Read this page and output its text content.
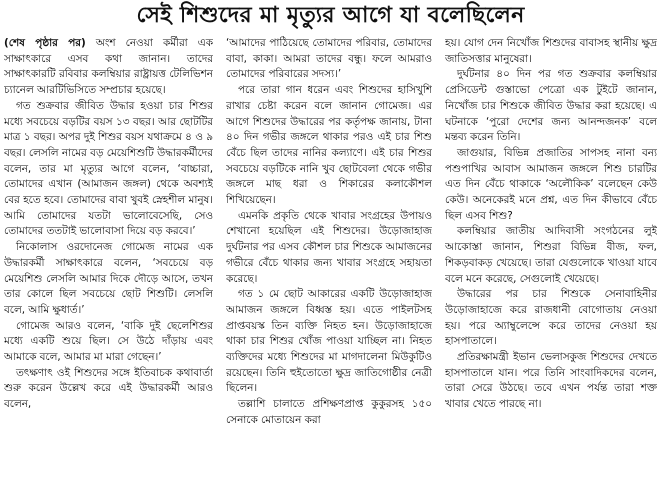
সেই শিশুদের মা মৃত্যুর আগে যা বলেছিলেন

(শেষ পৃষ্ঠার পর) অংশ নেওয়া কর্মীরা এক সাক্ষাৎকারে এসব কথা জানান। তাদের সাক্ষাৎকারটি রবিবার কলম্বিয়ার রাষ্ট্রায়ত্ত টেলিভিশন চ্যানেল আরটিভিসিতে সম্প্রচার হয়েছে।

গত শুক্রবার জীবিত উদ্ধার হওয়া চার শিশুর মধ্যে সবচেয়ে বড়টির বয়স ১৩ বছর। আর ছোটটির মাত্র ১ বছর। অপর দুই শিশুর বয়স যথাক্রমে ৪ ও ৯ বছর। লেসলি নামের বড় মেয়েশিশুটি উদ্ধারকর্মীদের বলেন, তার মা মৃত্যুর আগে বলেন, ‘বাচ্চারা, তোমাদের এখান (আমাজন জঙ্গল) থেকে অবশ্যই বের হতে হবে। তোমাদের বাবা খুবই স্নেহশীল মানুষ। আমি তোমাদের যতটা ভালোবেসেছি, সেও তোমাদের ততটাই ভালোবাসা দিয়ে বড় করবে।’

নিকোলাস ওরদোনেজ গোমেজ নামের এক উদ্ধারকর্মী সাক্ষাৎকারে বলেন, ‘সবচেয়ে বড় মেয়েশিশু লেসলি আমার দিকে দৌড়ে আসে, তখন তার কোলে ছিল সবচেয়ে ছোট শিশুটি। লেসলি বলে, আমি ক্ষুধার্ত।’

গোমেজ আরও বলেন, ‘বাকি দুই ছেলেশিশুর মধ্যে একটি শুয়ে ছিল। সে উঠে দাঁড়ায় এবং আমাকে বলে, আমার মা মারা গেছেন।’

তৎক্ষণাৎ ওই শিশুদের সঙ্গে ইতিবাচক কথাবার্তা শুরু করেন উল্লেখ করে এই উদ্ধারকর্মী আরও বলেন,

‘আমাদের পাঠিয়েছে তোমাদের পরিবার, তোমাদের বাবা, কাকা। আমরা তাদের বন্ধু। ফলে আমরাও তোমাদের পরিবারের সদস্য।’

পরে তারা গান ধরেন এবং শিশুদের হাসিখুশি রাখার চেষ্টা করেন বলে জানান গোমেজ। এর আগে শিশুদের উদ্ধারের পর কর্তৃপক্ষ জানায়, টানা ৪০ দিন গভীর জঙ্গলে থাকার পরও এই চার শিশু বেঁচে ছিল তাদের নানির কল্যাণে। এই চার শিশুর সবচেয়ে বড়টিকে নানি খুব ছোটবেলা থেকে গভীর জঙ্গলে মাছ ধরা ও শিকারের কলাকৌশল শিখিয়েছেন।

এমনকি প্রকৃতি থেকে খাবার সংগ্রহের উপায়ও শেখানো হয়েছিল এই শিশুদের। উড়োজাহাজ দুর্ঘটনার পর এসব কৌশল চার শিশুকে আমাজনের গভীরে বেঁচে থাকার জন্য খাবার সংগ্রহে সহায়তা করেছে।

গত ১ মে ছোট আকারের একটি উড়োজাহাজ আমাজন জঙ্গলে বিধ্বস্ত হয়। এতে পাইলটসহ প্রাপ্তবয়স্ক তিন ব্যক্তি নিহত হন। উড়োজাহাজে থাকা চার শিশুর খোঁজ পাওয়া যাচ্ছিল না। নিহত ব্যক্তিদের মধ্যে শিশুদের মা মাগদালেনা মিউকুটিও রয়েছেন। তিনি হুইতোতো ক্ষুদ্র জাতিগোষ্ঠীর নেত্রী ছিলেন।

তল্লাশি চালাতে প্রশিক্ষণপ্রাপ্ত কুকুরসহ ১৫০ সেনাকে মোতায়েন করা

হয়। যোগ দেন নিখোঁজ শিশুদের বাবাসহ স্থানীয় ক্ষুদ্র জাতিসত্তার মানুষেরা।

দুর্ঘটনার ৪০ দিন পর গত শুক্রবার কলম্বিয়ার প্রেসিডেন্ট গুস্তাভো পেত্রো এক টুইটে জানান, নিখোঁজ চার শিশুকে জীবিত উদ্ধার করা হয়েছে। এ ঘটনাকে ‘পুরো দেশের জন্য আনন্দজনক’ বলে মন্তব্য করেন তিনি।

জাগুয়ার, বিভিন্ন প্রজাতির সাপসহ নানা বন্য পশুপাখির আবাস আমাজন জঙ্গলে শিশু চারটির এত দিন বেঁচে থাকাকে ‘অলৌকিক’ বলেছেন কেউ কেউ। অনেকেরই মনে প্রশ্ন, এত দিন কীভাবে বেঁচে ছিল এসব শিশু?

কলম্বিয়ার জাতীয় আদিবাসী সংগঠনের লুই আকোস্তা জানান, শিশুরা বিভিন্ন বীজ, ফল, শিকড়বাকড় খেয়েছে। তারা যেগুলোকে খাওয়া যাবে বলে মনে করেছে, সেগুলোই খেয়েছে।

উদ্ধারের পর চার শিশুকে সেনাবাহিনীর উড়োজাহাজে করে রাজধানী বোগোতায় নেওয়া হয়। পরে অ্যাম্বুলেন্সে করে তাদের নেওয়া হয় হাসপাতালে।

প্রতিরক্ষামন্ত্রী ইভান ভেলাসকুজ শিশুদের দেখতে হাসপাতালে যান। পরে তিনি সাংবাদিকদের বলেন, তারা সেরে উঠছে। তবে এখন পর্যন্ত তারা শক্ত খাবার খেতে পারছে না।
